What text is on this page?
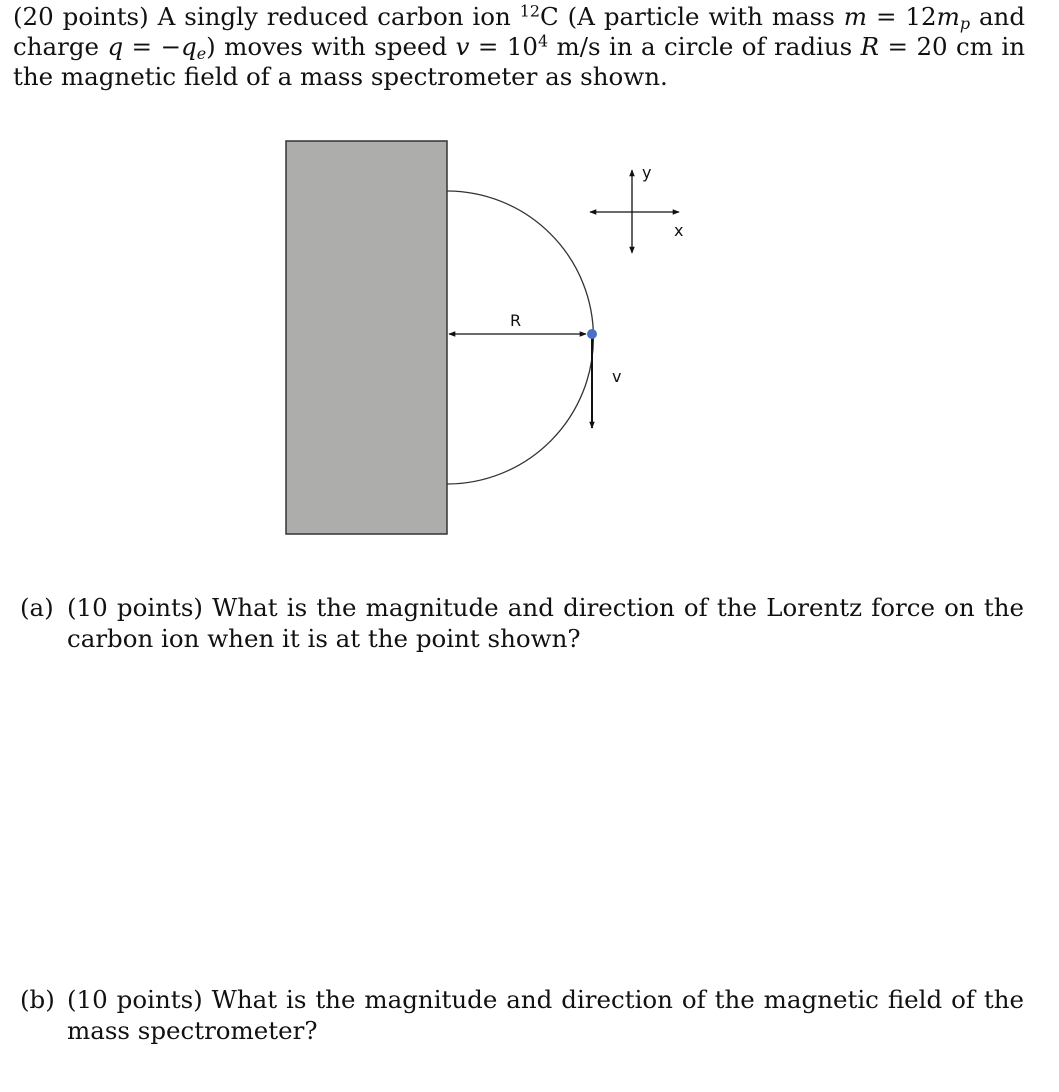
(20 points) A singly reduced carbon ion $^{12}$C (A particle with mass $m = 12m_p$ and charge $q = -q_e$) moves with speed $v = 10^4$ m/s in a circle of radius R = 20 cm in the magnetic field of a mass spectrometer as shown.
R
v
y
x
(a) (10 points) What is the magnitude and direction of the Lorentz force on the carbon ion when it is at the point shown?
(b) (10 points) What is the magnitude and direction of the magnetic field of the mass spectrometer?
